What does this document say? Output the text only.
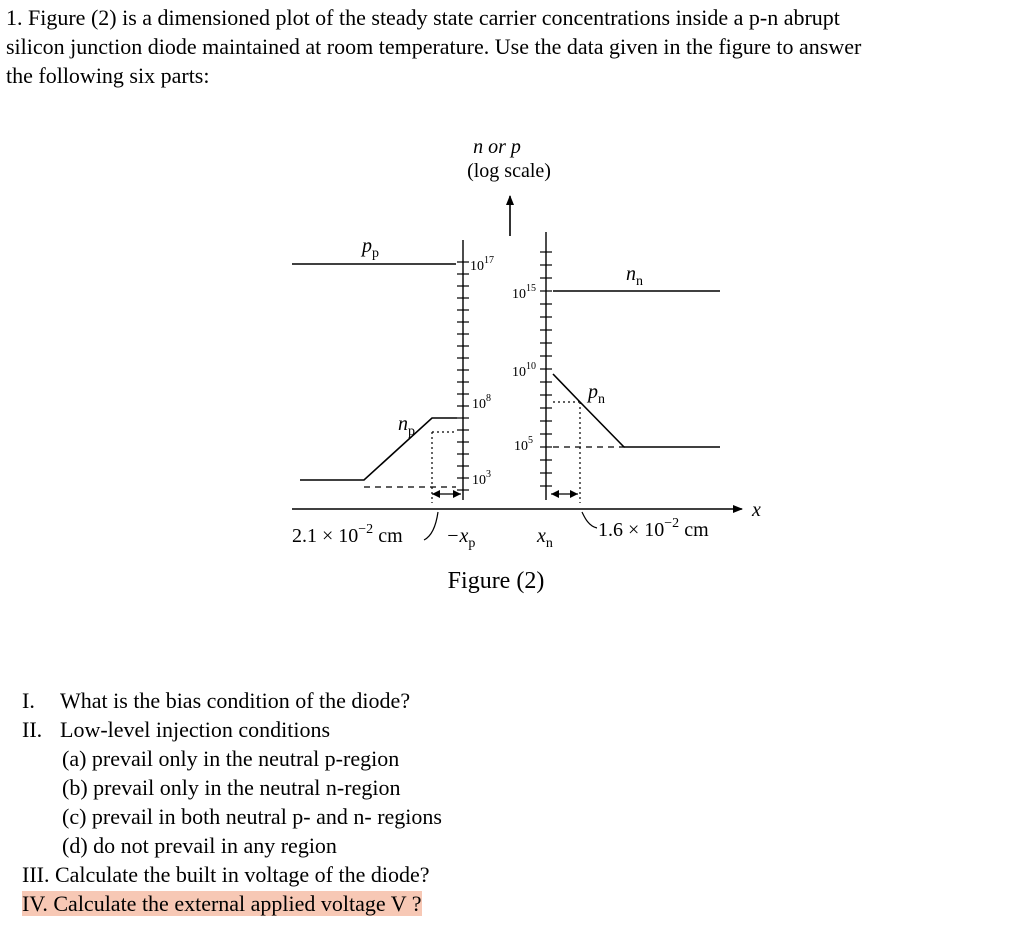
1. Figure (2) is a dimensioned plot of the steady state carrier concentrations inside a p-n abrupt
silicon junction diode maintained at room temperature. Use the data given in the figure to answer
the following six parts:
n or p
(log scale)
x
$10^{17}$
$10^8$
$10^3$
$10^{15}$
$10^{10}$
$10^5$
$p_p$
$n_n$
$n_p$
$p_n$
$-x_p$	$x_n$
$2.1 \times 10^{-2}$ cm	$1.6 \times 10^{-2}$ cm
Figure (2)
I. What is the bias condition of the diode?
II. Low-level injection conditions
(a) prevail only in the neutral p-region
(b) prevail only in the neutral n-region
(c) prevail in both neutral p- and n- regions
(d) do not prevail in any region
III. Calculate the built in voltage of the diode?
IV. Calculate the external applied voltage V ?
